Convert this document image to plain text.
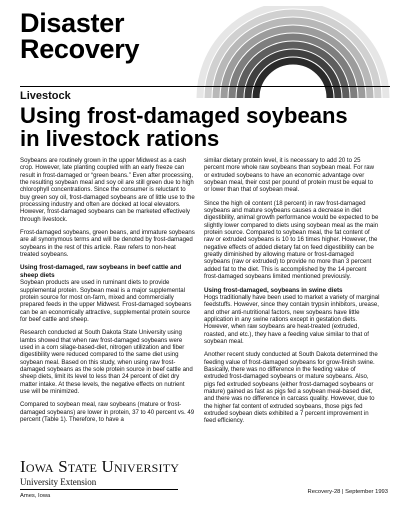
Disaster
Recovery
Livestock
Using frost-damaged soybeans
in livestock rations

Soybeans are routinely grown in the upper Midwest as a cash crop. However, late planting coupled with an early freeze can result in frost-damaged or “green beans.” Even after processing, the resulting soybean meal and soy oil are still green due to high chlorophyll concentrations. Since the consumer is reluctant to buy green soy oil, frost-damaged soybeans are of little use to the processing industry and often are docked at local elevators. However, frost-damaged soybeans can be marketed effectively through livestock.

Frost-damaged soybeans, green beans, and immature soybeans are all synonymous terms and will be denoted by frost-damaged soybeans in the rest of this article. Raw refers to non-heat treated soybeans.

Using frost-damaged, raw soybeans in beef cattle and sheep diets

Soybean products are used in ruminant diets to provide supplemental protein. Soybean meal is a major supplemental protein source for most on-farm, mixed and commercially prepared feeds in the upper Midwest. Frost-damaged soybeans can be an economically attractive, supplemental protein source for beef cattle and sheep.

Research conducted at South Dakota State University using lambs showed that when raw frost-damaged soybeans were used in a corn silage-based-diet, nitrogen utilization and fiber digestibility were reduced compared to the same diet using soybean meal. Based on this study, when using raw frost-damaged soybeans as the sole protein source in beef cattle and sheep diets, limit its level to less than 24 percent of diet dry matter intake. At these levels, the negative effects on nutrient use will be minimized.

Compared to soybean meal, raw soybeans (mature or frost-damaged soybeans) are lower in protein, 37 to 40 percent vs. 49 percent (Table 1). Therefore, to have a

similar dietary protein level, it is necessary to add 20 to 25 percent more whole raw soybeans than soybean meal. For raw or extruded soybeans to have an economic advantage over soybean meal, their cost per pound of protein must be equal to or lower than that of soybean meal.

Since the high oil content (18 percent) in raw frost-damaged soybeans and mature soybeans causes a decrease in diet digestibility, animal growth performance would be expected to be slightly lower compared to diets using soybean meal as the main protein source. Compared to soybean meal, the fat content of raw or extruded soybeans is 10 to 16 times higher. However, the negative effects of added dietary fat on feed digestibility can be greatly diminished by allowing mature or frost-damaged soybeans (raw or extruded) to provide no more than 3 percent added fat to the diet. This is accomplished by the 14 percent frost-damaged soybeans limited mentioned previously.

Using frost-damaged, soybeans in swine diets

Hogs traditionally have been used to market a variety of marginal feedstuffs. However, since they contain trypsin inhibitors, urease, and other anti-nutritional factors, new soybeans have little application in any swine rations except in gestation diets. However, when raw soybeans are heat-treated (extruded, roasted, and etc.), they have a feeding value similar to that of soybean meal.

Another recent study conducted at South Dakota determined the feeding value of frost-damaged soybeans for grow-finish swine. Basically, there was no difference in the feeding value of extruded frost-damaged soybeans or mature soybeans. Also, pigs fed extruded soybeans (either frost-damaged soybeans or mature) gained as fast as pigs fed a soybean meal-based diet, and there was no difference in carcass quality. However, due to the higher fat content of extruded soybeans, those pigs fed extruded soybean diets exhibited a 7 percent improvement in feed efficiency.

Iowa State University
University Extension
Ames, Iowa
Recovery-28 | September 1993
